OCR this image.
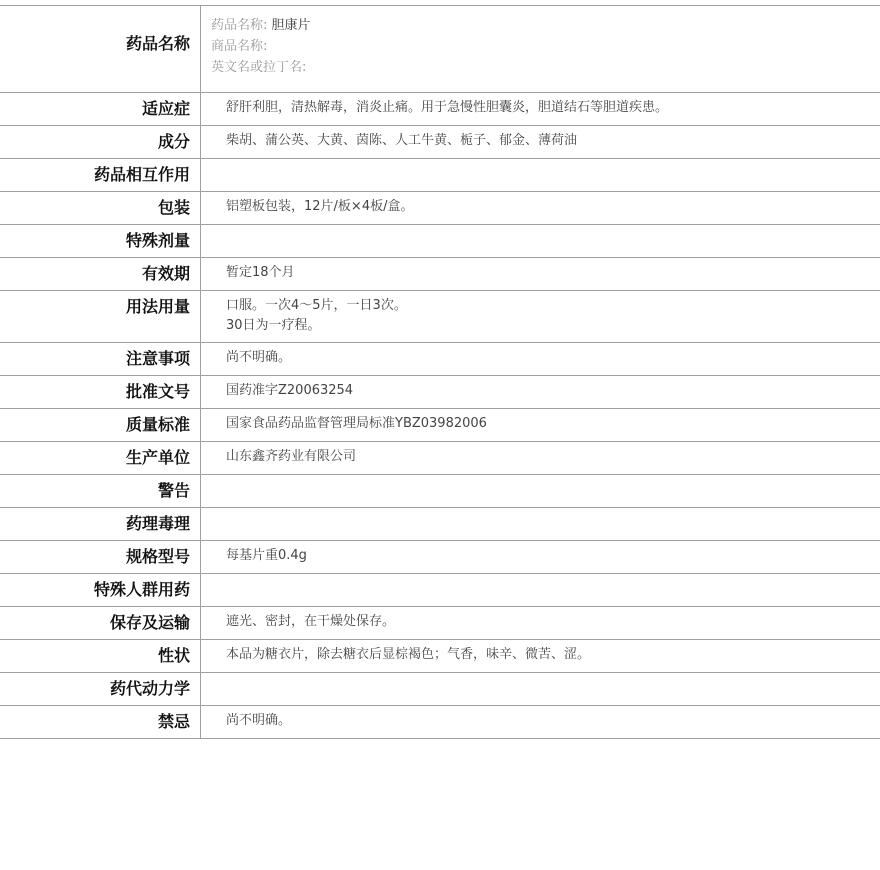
药品名称	药品名称: 胆康片
商品名称:
英文名或拉丁名:

适应症	舒肝利胆，清热解毒，消炎止痛。用于急慢性胆囊炎，胆道结石等胆道疾患。

成分	柴胡、蒲公英、大黄、茵陈、人工牛黄、栀子、郁金、薄荷油

药品相互作用	

包装	铝塑板包装，12片/板×4板/盒。

特殊剂量	

有效期	暂定18个月

用法用量	口服。一次4～5片，一日3次。
30日为一疗程。

注意事项	尚不明确。

批准文号	国药准字Z20063254

质量标准	国家食品药品监督管理局标准YBZ03982006

生产单位	山东鑫齐药业有限公司

警告	

药理毒理	

规格型号	每基片重0.4g

特殊人群用药	

保存及运输	遮光、密封，在干燥处保存。

性状	本品为糖衣片，除去糖衣后显棕褐色；气香，味辛、微苦、涩。

药代动力学	

禁忌	尚不明确。
